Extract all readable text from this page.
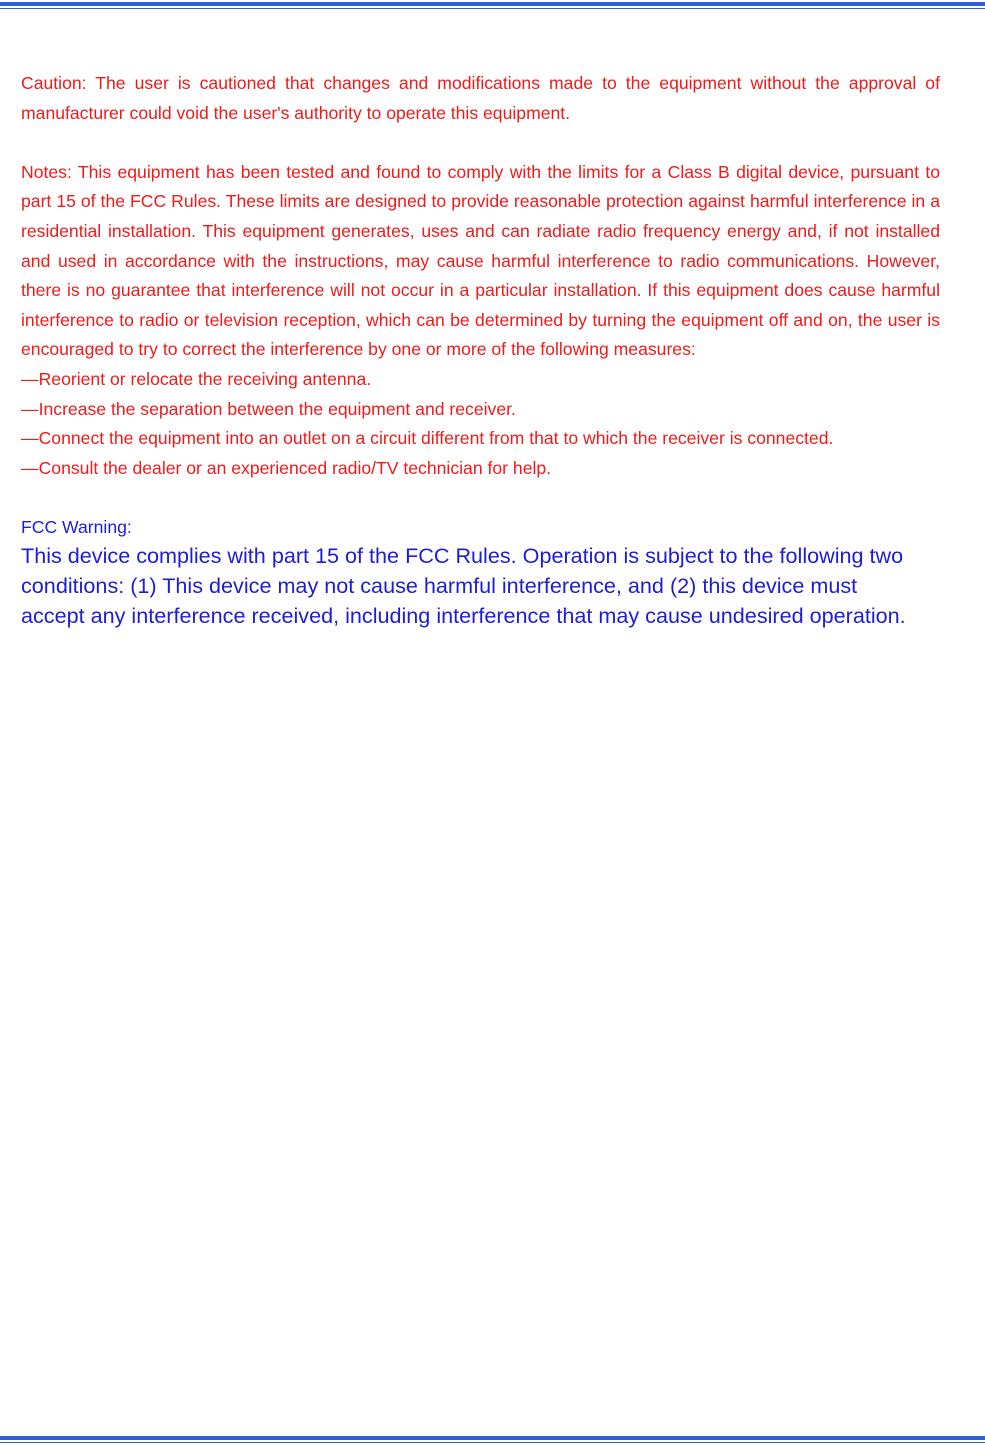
Caution: The user is cautioned that changes and modifications made to the equipment without the approval of manufacturer could void the user's authority to operate this equipment.

Notes: This equipment has been tested and found to comply with the limits for a Class B digital device, pursuant to part 15 of the FCC Rules. These limits are designed to provide reasonable protection against harmful interference in a residential installation. This equipment generates, uses and can radiate radio frequency energy and, if not installed and used in accordance with the instructions, may cause harmful interference to radio communications. However, there is no guarantee that interference will not occur in a particular installation. If this equipment does cause harmful interference to radio or television reception, which can be determined by turning the equipment off and on, the user is encouraged to try to correct the interference by one or more of the following measures:

—Reorient or relocate the receiving antenna.

—Increase the separation between the equipment and receiver.

—Connect the equipment into an outlet on a circuit different from that to which the receiver is connected.

—Consult the dealer or an experienced radio/TV technician for help.

FCC Warning:

This device complies with part 15 of the FCC Rules. Operation is subject to the following two conditions: (1) This device may not cause harmful interference, and (2) this device must accept any interference received, including interference that may cause undesired operation.
